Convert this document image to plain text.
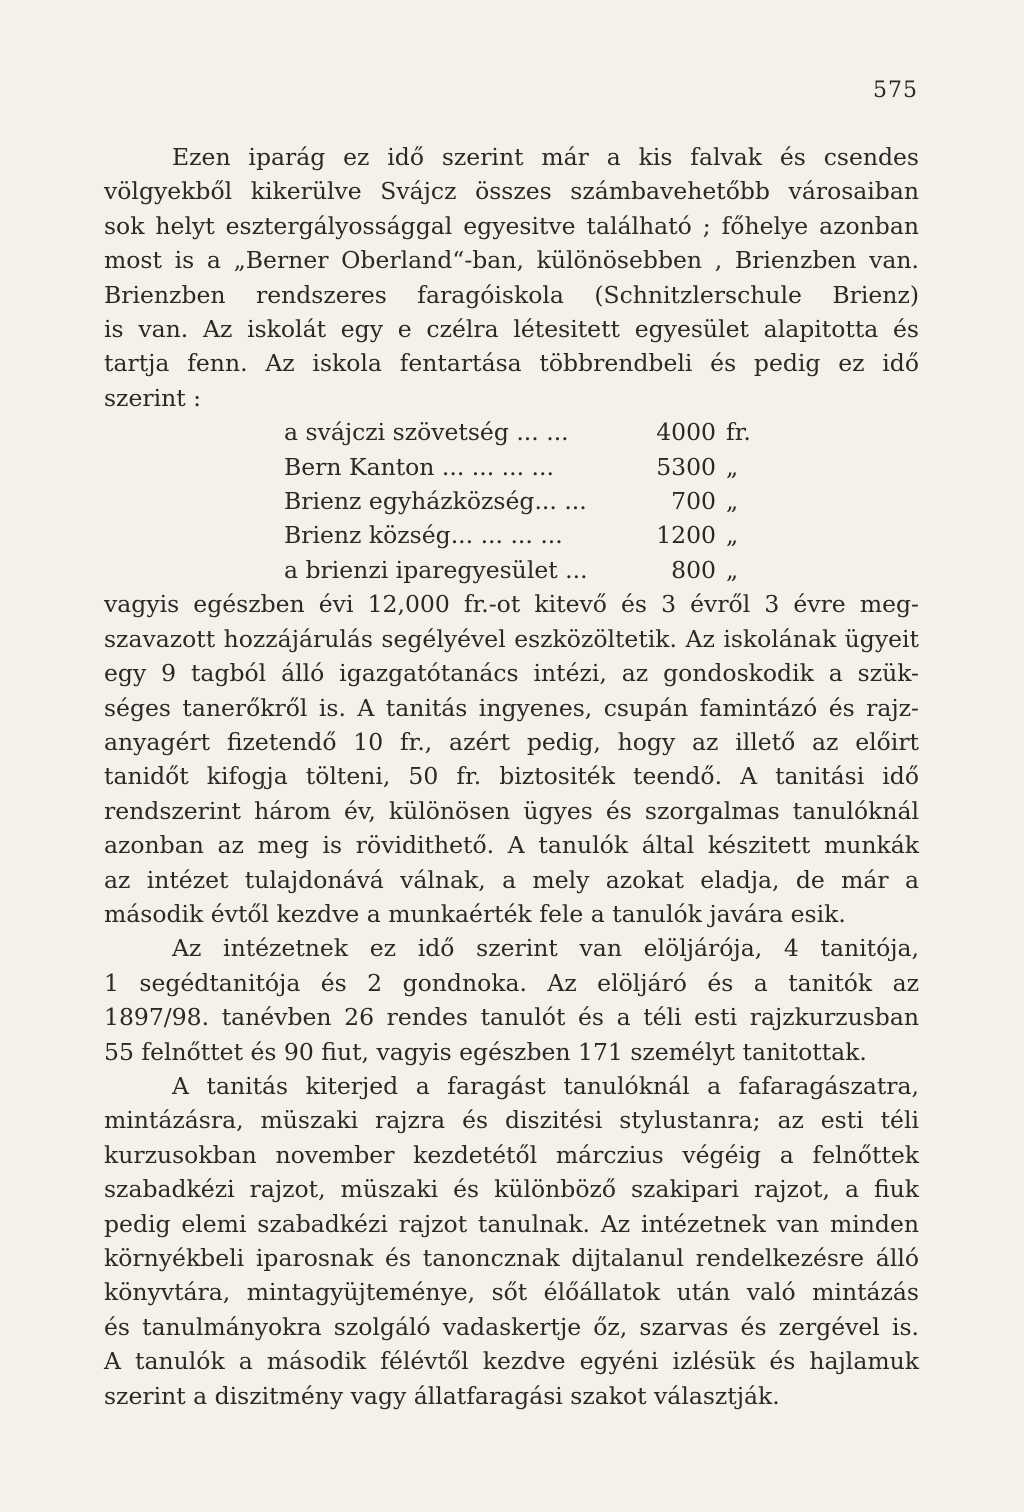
575
Ezen iparág ez idő szerint már a kis falvak és csendes
völgyekből kikerülve Svájcz összes számbavehetőbb városaiban
sok helyt esztergályossággal egyesitve található ; főhelye azonban
most is a „Berner Oberland“-ban, különösebben , Brienzben van.
Brienzben rendszeres faragóiskola (Schnitzlerschule Brienz)
is van. Az iskolát egy e czélra létesitett egyesület alapitotta és
tartja fenn. Az iskola fentartása többrendbeli és pedig ez idő
szerint :
a svájczi szövetség ... ...	4000	fr.
Bern Kanton ... ... ... ...	5300	„
Brienz egyházközség... ...	700	„
Brienz község... ... ... ...	1200	„
a brienzi iparegyesület ...	800	„
vagyis egészben évi 12,000 fr.-ot kitevő és 3 évről 3 évre meg-
szavazott hozzájárulás segélyével eszközöltetik. Az iskolának ügyeit
egy 9 tagból álló igazgatótanács intézi, az gondoskodik a szük-
séges tanerőkről is. A tanitás ingyenes, csupán famintázó és rajz-
anyagért fizetendő 10 fr., azért pedig, hogy az illető az előirt
tanidőt kifogja tölteni, 50 fr. biztositék teendő. A tanitási idő
rendszerint három év, különösen ügyes és szorgalmas tanulóknál
azonban az meg is rövidithető. A tanulók által készitett munkák
az intézet tulajdonává válnak, a mely azokat eladja, de már a
második évtől kezdve a munkaérték fele a tanulók javára esik.
Az intézetnek ez idő szerint van elöljárója, 4 tanitója,
1 segédtanitója és 2 gondnoka. Az elöljáró és a tanitók az
1897/98. tanévben 26 rendes tanulót és a téli esti rajzkurzusban
55 felnőttet és 90 fiut, vagyis egészben 171 személyt tanitottak.
A tanitás kiterjed a faragást tanulóknál a fafaragászatra,
mintázásra, müszaki rajzra és diszitési stylustanra; az esti téli
kurzusokban november kezdetétől márczius végéig a felnőttek
szabadkézi rajzot, müszaki és különböző szakipari rajzot, a fiuk
pedig elemi szabadkézi rajzot tanulnak. Az intézetnek van minden
környékbeli iparosnak és tanoncznak dijtalanul rendelkezésre álló
könyvtára, mintagyüjteménye, sőt élőállatok után való mintázás
és tanulmányokra szolgáló vadaskertje őz, szarvas és zergével is.
A tanulók a második félévtől kezdve egyéni izlésük és hajlamuk
szerint a diszitmény vagy állatfaragási szakot választják.
